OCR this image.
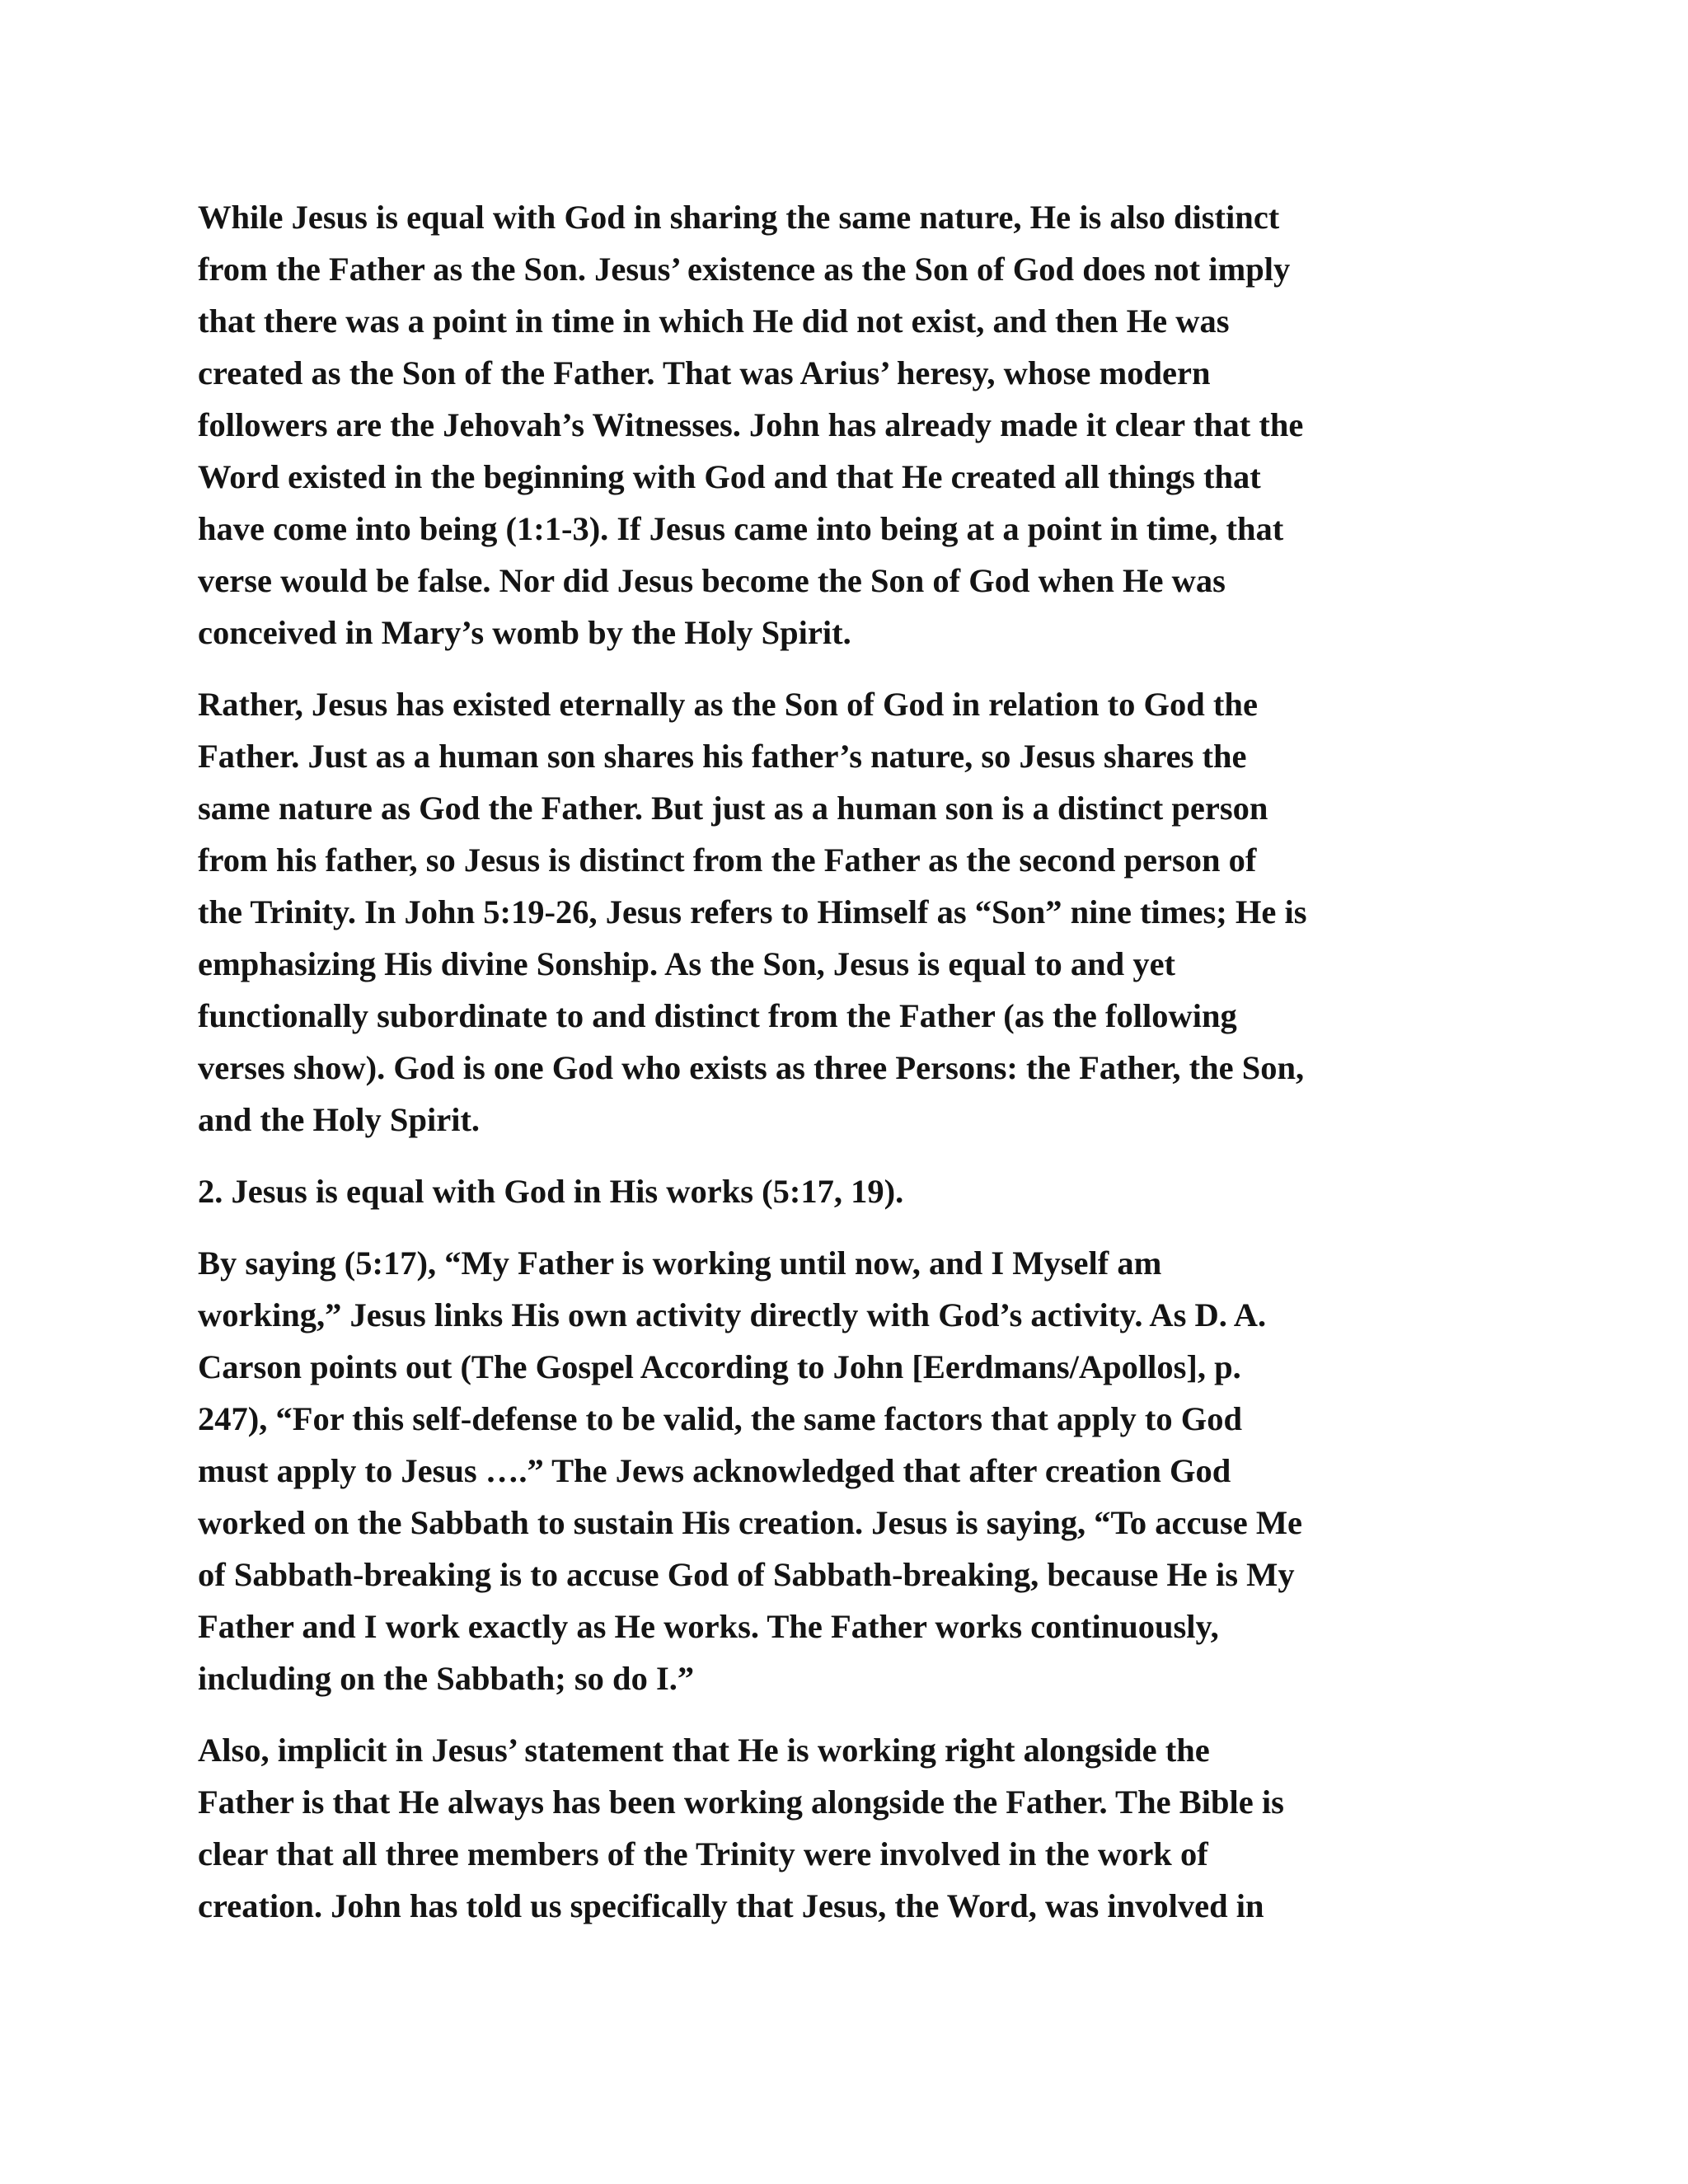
While Jesus is equal with God in sharing the same nature, He is also distinct
from the Father as the Son. Jesus’ existence as the Son of God does not imply
that there was a point in time in which He did not exist, and then He was
created as the Son of the Father. That was Arius’ heresy, whose modern
followers are the Jehovah’s Witnesses. John has already made it clear that the
Word existed in the beginning with God and that He created all things that
have come into being (1:1-3). If Jesus came into being at a point in time, that
verse would be false. Nor did Jesus become the Son of God when He was
conceived in Mary’s womb by the Holy Spirit.

Rather, Jesus has existed eternally as the Son of God in relation to God the
Father. Just as a human son shares his father’s nature, so Jesus shares the
same nature as God the Father. But just as a human son is a distinct person
from his father, so Jesus is distinct from the Father as the second person of
the Trinity. In John 5:19-26, Jesus refers to Himself as “Son” nine times; He is
emphasizing His divine Sonship. As the Son, Jesus is equal to and yet
functionally subordinate to and distinct from the Father (as the following
verses show). God is one God who exists as three Persons: the Father, the Son,
and the Holy Spirit.

2. Jesus is equal with God in His works (5:17, 19).

By saying (5:17), “My Father is working until now, and I Myself am
working,” Jesus links His own activity directly with God’s activity. As D. A.
Carson points out (The Gospel According to John [Eerdmans/Apollos], p.
247), “For this self-defense to be valid, the same factors that apply to God
must apply to Jesus ….” The Jews acknowledged that after creation God
worked on the Sabbath to sustain His creation. Jesus is saying, “To accuse Me
of Sabbath-breaking is to accuse God of Sabbath-breaking, because He is My
Father and I work exactly as He works. The Father works continuously,
including on the Sabbath; so do I.”

Also, implicit in Jesus’ statement that He is working right alongside the
Father is that He always has been working alongside the Father. The Bible is
clear that all three members of the Trinity were involved in the work of
creation. John has told us specifically that Jesus, the Word, was involved in
